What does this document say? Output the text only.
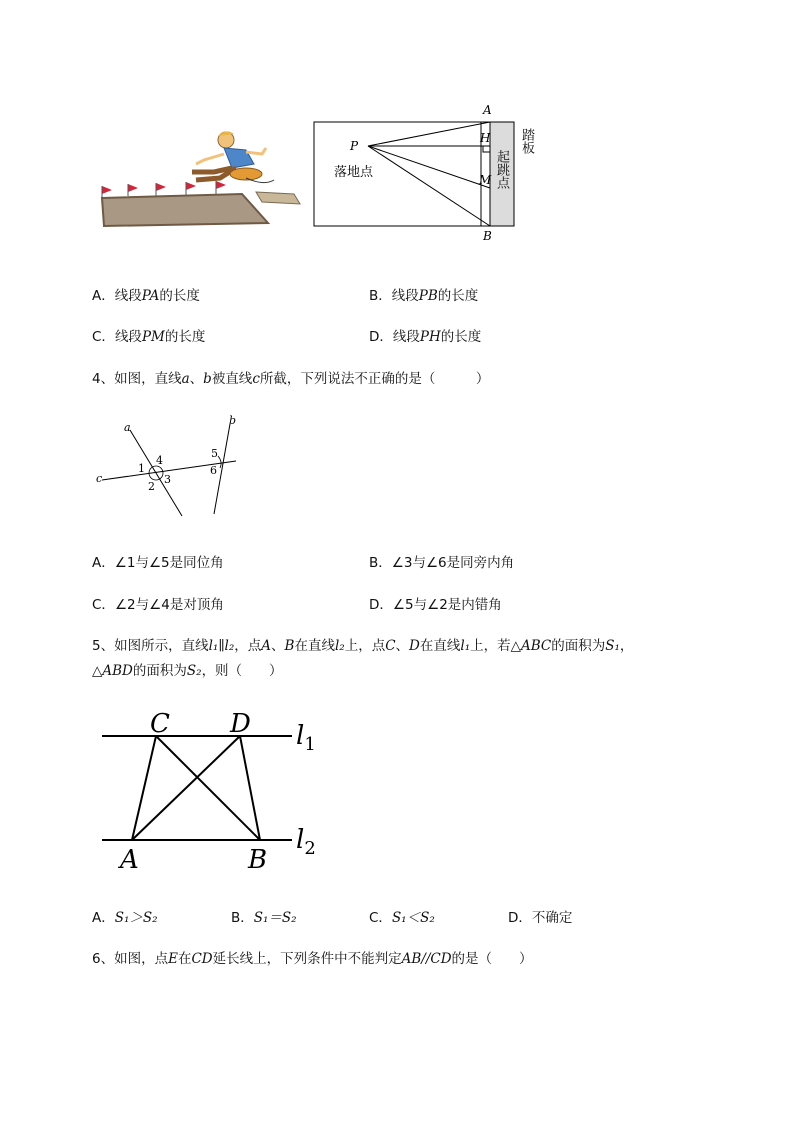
A
B
P
H
M
落地点	起跳点
踏板
A．线段PA的长度	B．线段PB的长度
C．线段PM的长度	D．线段PH的长度
4、如图，直线a、b被直线c所截，下列说法不正确的是（　　　）
a
b
c
1
2
3
4
5
6
A．∠1与∠5是同位角	B．∠3与∠6是同旁内角
C．∠2与∠4是对顶角	D．∠5与∠2是内错角
5、如图所示，直线l₁∥l₂，点A、B在直线l₂上，点C、D在直线l₁上，若△ABC的面积为S₁，
△ABD的面积为S₂，则（　　）
C D
A	B
$l_1$
$l_2$
A．S₁＞S₂	B．S₁＝S₂	C．S₁＜S₂	D．不确定
6、如图，点E在CD延长线上，下列条件中不能判定AB//CD的是（　　）
